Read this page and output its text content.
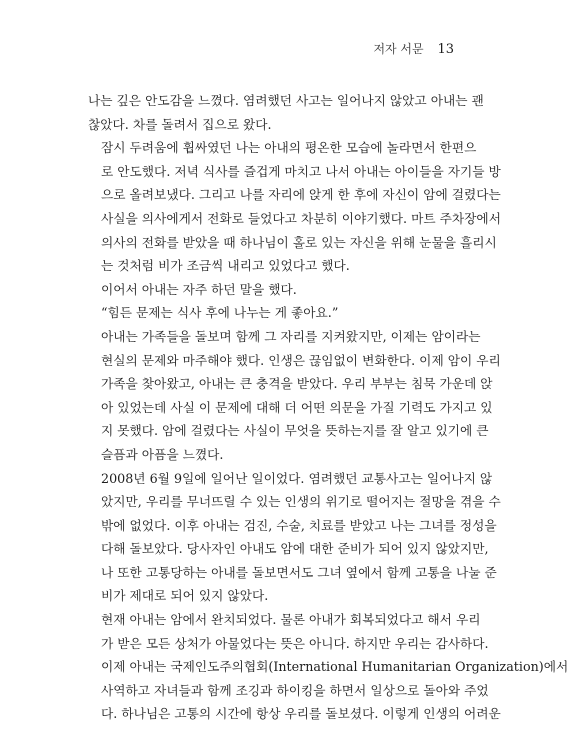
저자 서문 13

나는 깊은 안도감을 느꼈다. 염려했던 사고는 일어나지 않았고 아내는 괜
찮았다. 차를 돌려서 집으로 왔다.

잠시 두려움에 휩싸였던 나는 아내의 평온한 모습에 놀라면서 한편으
로 안도했다. 저녁 식사를 즐겁게 마치고 나서 아내는 아이들을 자기들 방
으로 올려보냈다. 그리고 나를 자리에 앉게 한 후에 자신이 암에 걸렸다는
사실을 의사에게서 전화로 들었다고 차분히 이야기했다. 마트 주차장에서
의사의 전화를 받았을 때 하나님이 홀로 있는 자신을 위해 눈물을 흘리시
는 것처럼 비가 조금씩 내리고 있었다고 했다.

이어서 아내는 자주 하던 말을 했다.

“힘든 문제는 식사 후에 나누는 게 좋아요.”

아내는 가족들을 돌보며 함께 그 자리를 지켜왔지만, 이제는 암이라는
현실의 문제와 마주해야 했다. 인생은 끊임없이 변화한다. 이제 암이 우리
가족을 찾아왔고, 아내는 큰 충격을 받았다. 우리 부부는 침묵 가운데 앉
아 있었는데 사실 이 문제에 대해 더 어떤 의문을 가질 기력도 가지고 있
지 못했다. 암에 걸렸다는 사실이 무엇을 뜻하는지를 잘 알고 있기에 큰
슬픔과 아픔을 느꼈다.

2008년 6월 9일에 일어난 일이었다. 염려했던 교통사고는 일어나지 않
았지만, 우리를 무너뜨릴 수 있는 인생의 위기로 떨어지는 절망을 겪을 수
밖에 없었다. 이후 아내는 검진, 수술, 치료를 받았고 나는 그녀를 정성을
다해 돌보았다. 당사자인 아내도 암에 대한 준비가 되어 있지 않았지만,
나 또한 고통당하는 아내를 돌보면서도 그녀 옆에서 함께 고통을 나눌 준
비가 제대로 되어 있지 않았다.

현재 아내는 암에서 완치되었다. 물론 아내가 회복되었다고 해서 우리
가 받은 모든 상처가 아물었다는 뜻은 아니다. 하지만 우리는 감사하다.
이제 아내는 국제인도주의협회(International Humanitarian Organization)에서
사역하고 자녀들과 함께 조깅과 하이킹을 하면서 일상으로 돌아와 주었
다. 하나님은 고통의 시간에 항상 우리를 돌보셨다. 이렇게 인생의 어려운
